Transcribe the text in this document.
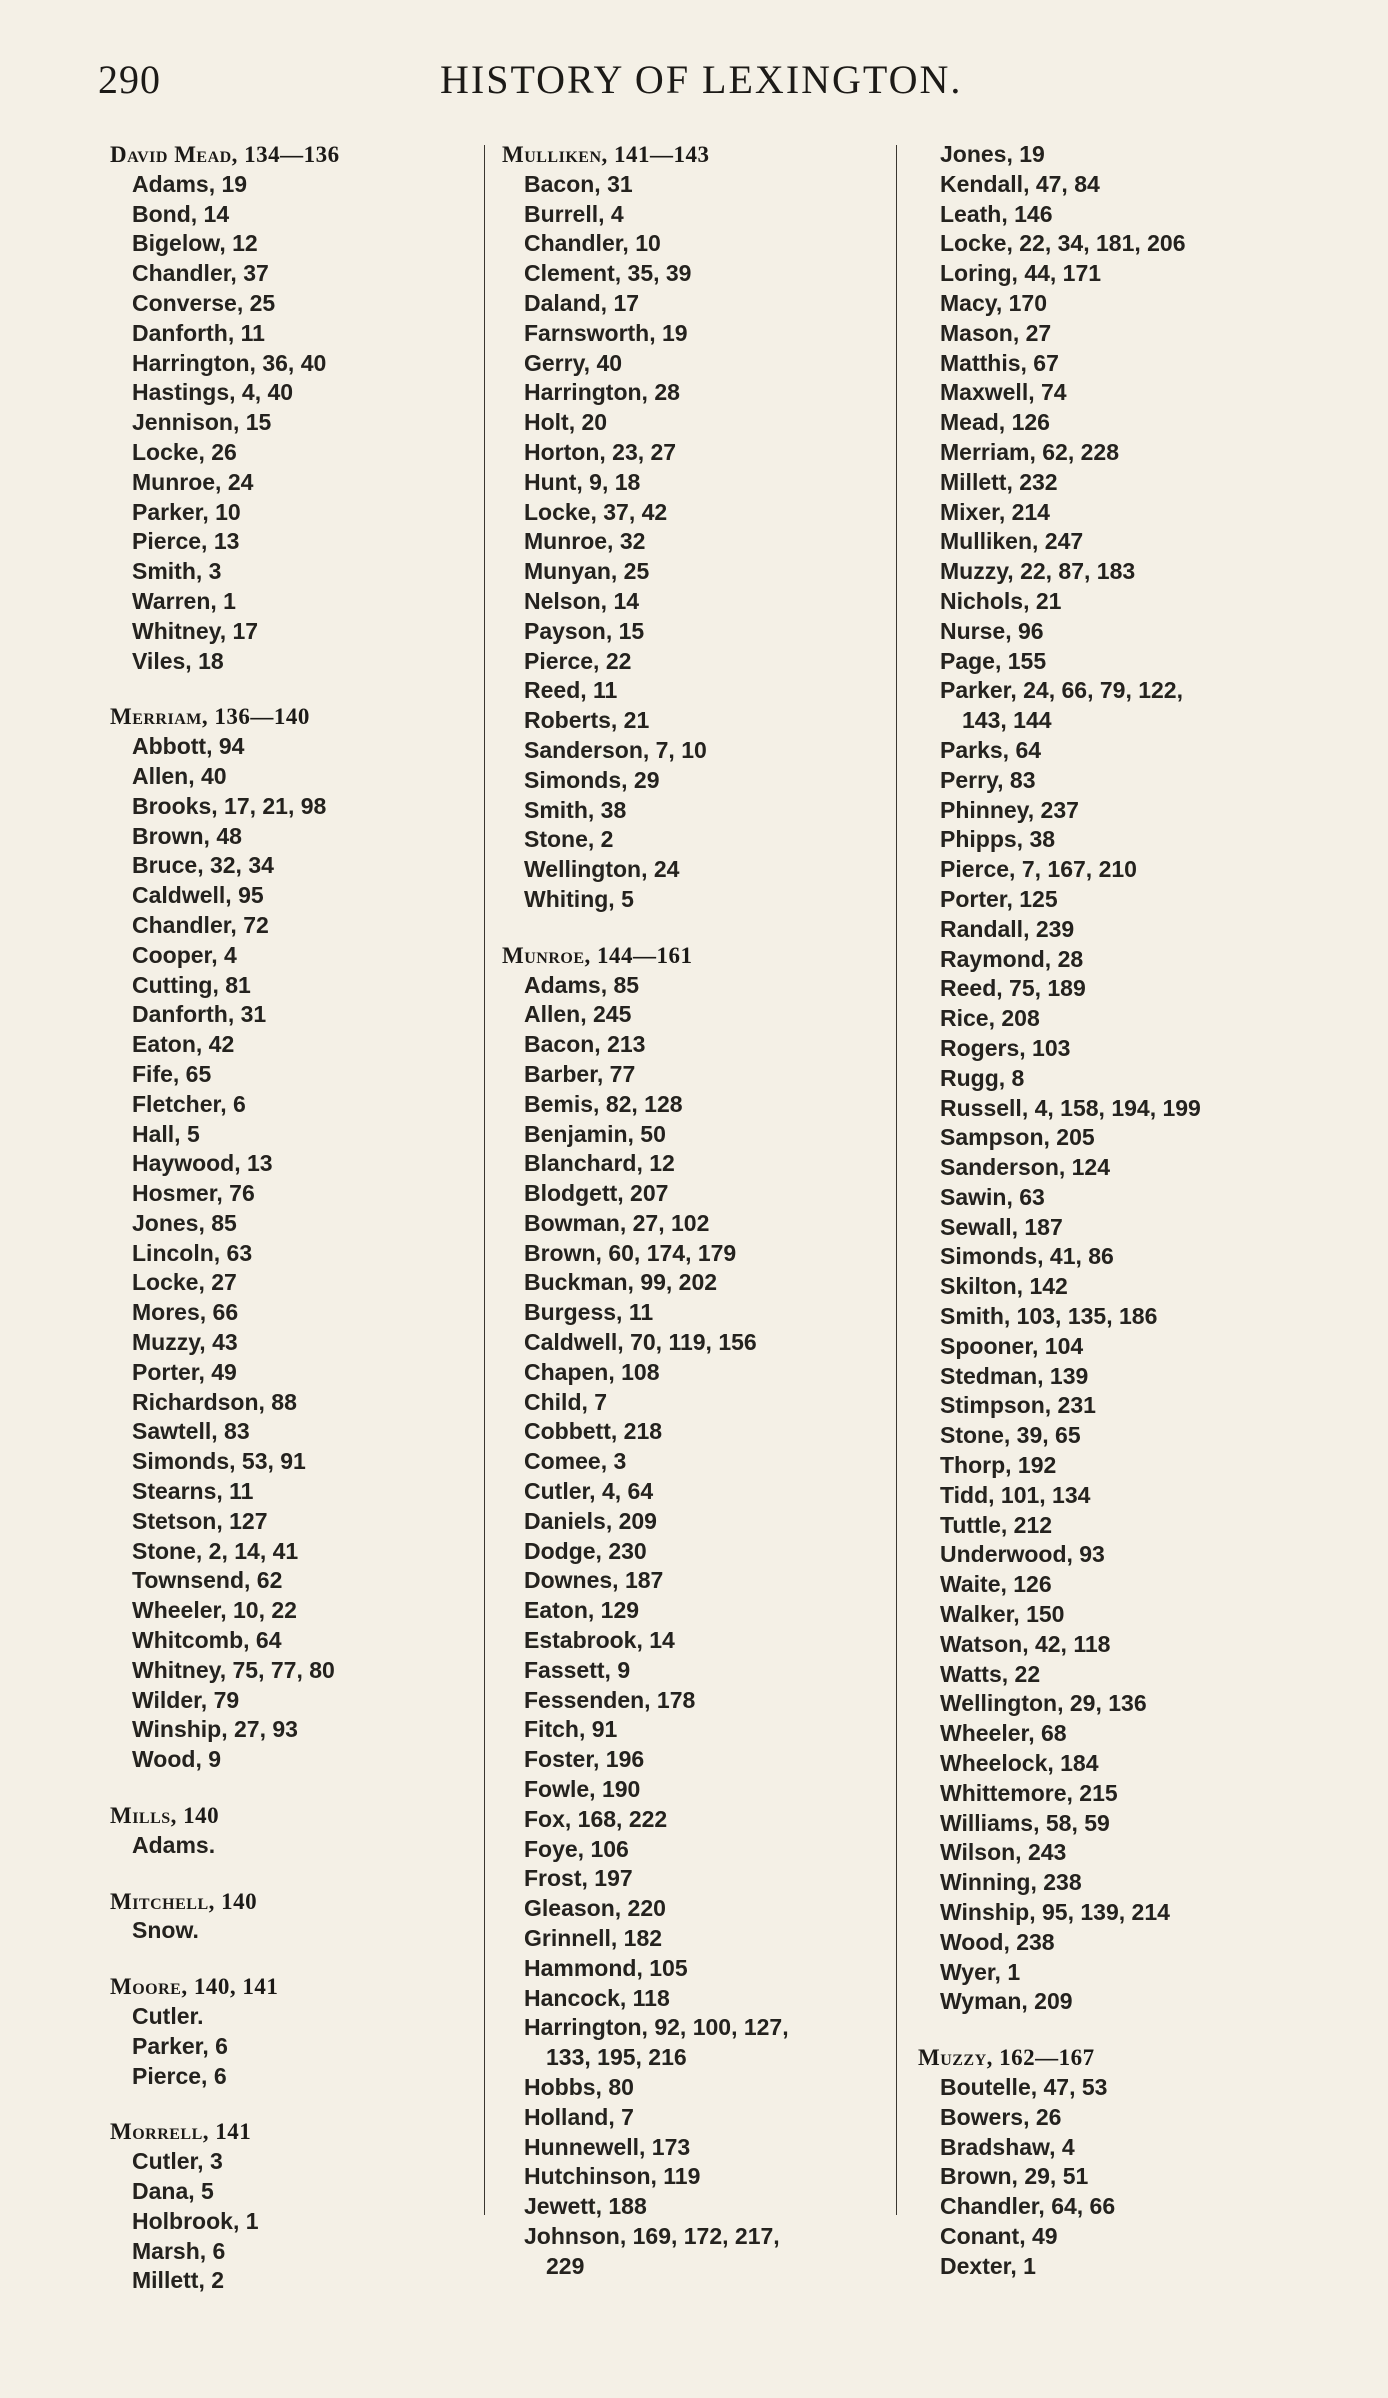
290	HISTORY OF LEXINGTON.
David Mead, 134—136
Adams, 19
Bond, 14
Bigelow, 12
Chandler, 37
Converse, 25
Danforth, 11
Harrington, 36, 40
Hastings, 4, 40
Jennison, 15
Locke, 26
Munroe, 24
Parker, 10
Pierce, 13
Smith, 3
Warren, 1
Whitney, 17
Viles, 18
Merriam, 136—140
Abbott, 94
Allen, 40
Brooks, 17, 21, 98
Brown, 48
Bruce, 32, 34
Caldwell, 95
Chandler, 72
Cooper, 4
Cutting, 81
Danforth, 31
Eaton, 42
Fife, 65
Fletcher, 6
Hall, 5
Haywood, 13
Hosmer, 76
Jones, 85
Lincoln, 63
Locke, 27
Mores, 66
Muzzy, 43
Porter, 49
Richardson, 88
Sawtell, 83
Simonds, 53, 91
Stearns, 11
Stetson, 127
Stone, 2, 14, 41
Townsend, 62
Wheeler, 10, 22
Whitcomb, 64
Whitney, 75, 77, 80
Wilder, 79
Winship, 27, 93
Wood, 9
Mills, 140
Adams.
Mitchell, 140
Snow.
Moore, 140, 141
Cutler.
Parker, 6
Pierce, 6
Morrell, 141
Cutler, 3
Dana, 5
Holbrook, 1
Marsh, 6
Millett, 2
Mulliken, 141—143
Bacon, 31
Burrell, 4
Chandler, 10
Clement, 35, 39
Daland, 17
Farnsworth, 19
Gerry, 40
Harrington, 28
Holt, 20
Horton, 23, 27
Hunt, 9, 18
Locke, 37, 42
Munroe, 32
Munyan, 25
Nelson, 14
Payson, 15
Pierce, 22
Reed, 11
Roberts, 21
Sanderson, 7, 10
Simonds, 29
Smith, 38
Stone, 2
Wellington, 24
Whiting, 5
Munroe, 144—161
Adams, 85
Allen, 245
Bacon, 213
Barber, 77
Bemis, 82, 128
Benjamin, 50
Blanchard, 12
Blodgett, 207
Bowman, 27, 102
Brown, 60, 174, 179
Buckman, 99, 202
Burgess, 11
Caldwell, 70, 119, 156
Chapen, 108
Child, 7
Cobbett, 218
Comee, 3
Cutler, 4, 64
Daniels, 209
Dodge, 230
Downes, 187
Eaton, 129
Estabrook, 14
Fassett, 9
Fessenden, 178
Fitch, 91
Foster, 196
Fowle, 190
Fox, 168, 222
Foye, 106
Frost, 197
Gleason, 220
Grinnell, 182
Hammond, 105
Hancock, 118
Harrington, 92, 100, 127,
133, 195, 216
Hobbs, 80
Holland, 7
Hunnewell, 173
Hutchinson, 119
Jewett, 188
Johnson, 169, 172, 217,
229
Jones, 19
Kendall, 47, 84
Leath, 146
Locke, 22, 34, 181, 206
Loring, 44, 171
Macy, 170
Mason, 27
Matthis, 67
Maxwell, 74
Mead, 126
Merriam, 62, 228
Millett, 232
Mixer, 214
Mulliken, 247
Muzzy, 22, 87, 183
Nichols, 21
Nurse, 96
Page, 155
Parker, 24, 66, 79, 122,
143, 144
Parks, 64
Perry, 83
Phinney, 237
Phipps, 38
Pierce, 7, 167, 210
Porter, 125
Randall, 239
Raymond, 28
Reed, 75, 189
Rice, 208
Rogers, 103
Rugg, 8
Russell, 4, 158, 194, 199
Sampson, 205
Sanderson, 124
Sawin, 63
Sewall, 187
Simonds, 41, 86
Skilton, 142
Smith, 103, 135, 186
Spooner, 104
Stedman, 139
Stimpson, 231
Stone, 39, 65
Thorp, 192
Tidd, 101, 134
Tuttle, 212
Underwood, 93
Waite, 126
Walker, 150
Watson, 42, 118
Watts, 22
Wellington, 29, 136
Wheeler, 68
Wheelock, 184
Whittemore, 215
Williams, 58, 59
Wilson, 243
Winning, 238
Winship, 95, 139, 214
Wood, 238
Wyer, 1
Wyman, 209
Muzzy, 162—167
Boutelle, 47, 53
Bowers, 26
Bradshaw, 4
Brown, 29, 51
Chandler, 64, 66
Conant, 49
Dexter, 1
